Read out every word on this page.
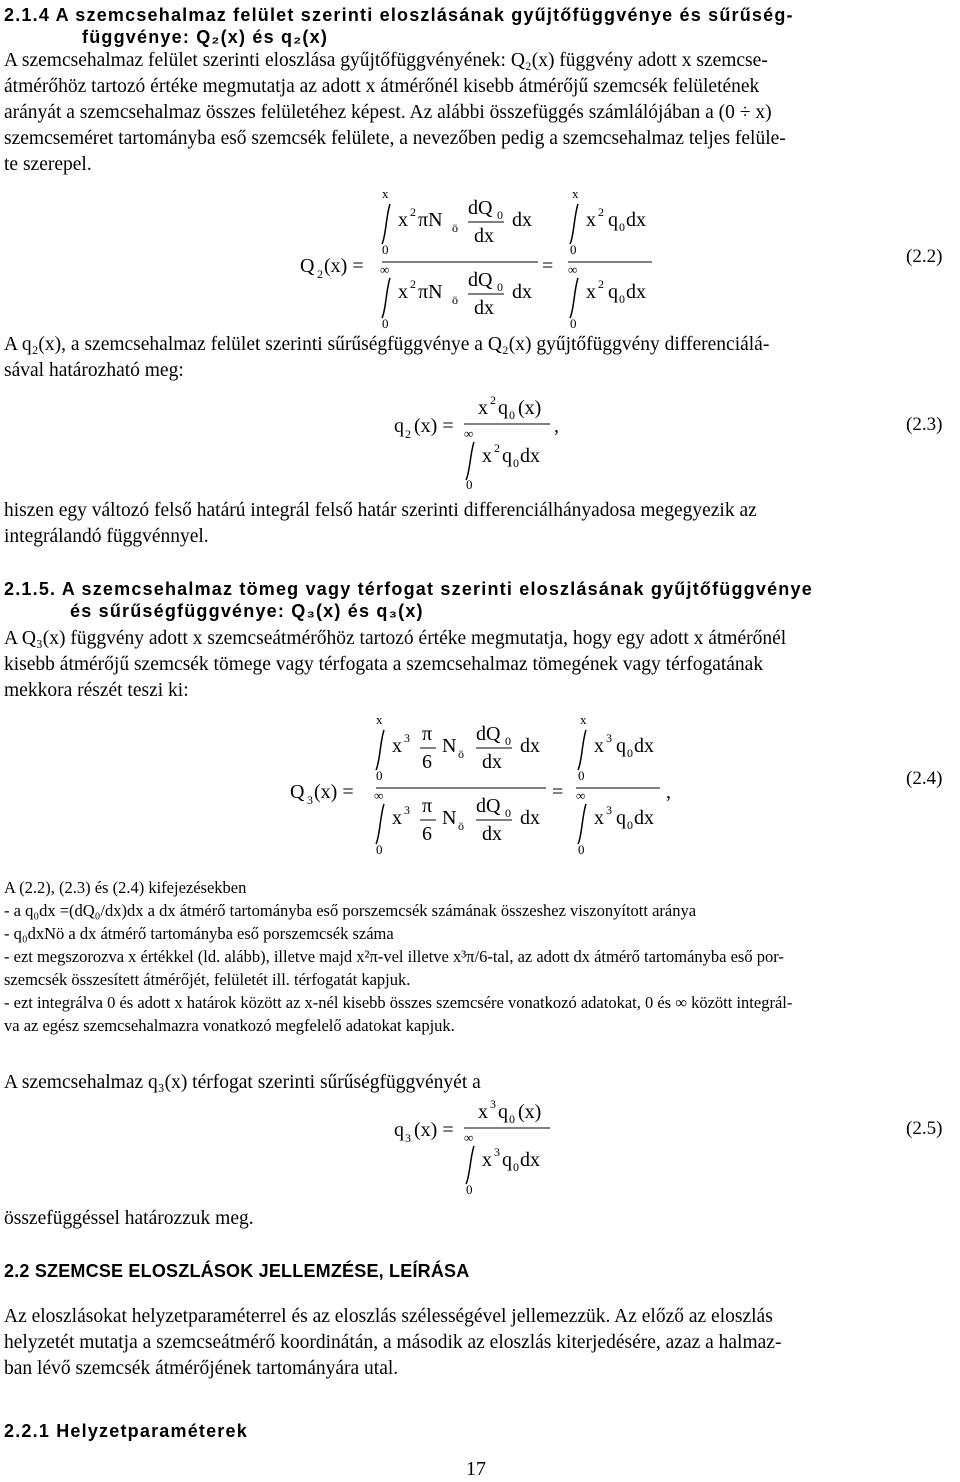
2.1.4 A szemcsehalmaz felület szerinti eloszlásának gyűjtőfüggvénye és sűrűség-
függvénye: Q₂(x) és q₂(x)
A szemcsehalmaz felület szerinti eloszlása gyűjtőfüggvényének: Q₂(x) függvény adott x szemcse-
átmérőhöz tartozó értéke megmutatja az adott x átmérőnél kisebb átmérőjű szemcsék felületének
arányát a szemcsehalmaz összes felületéhez képest. Az alábbi összefüggés számlálójában a (0 ÷ x)
szemcseméret tartományba eső szemcsék felülete, a nevezőben pedig a szemcsehalmaz teljes felüle-
te szerepel.
Q 2 (x) =
x
0
x 2 πN ö
dQ 0
dx
dx
∞
0
x 2 πN ö
dQ 0
dx
dx
=
x
0
x 2 q 0 dx
∞
0
x 2 q 0 dx
(2.2)
A q₂(x), a szemcsehalmaz felület szerinti sűrűségfüggvénye a Q₂(x) gyűjtőfüggvény differenciálá-
sával határozható meg:
q 2 (x) =
x 2 q 0 (x)
∞
0
x 2 q 0 dx
,	(2.3)
hiszen egy változó felső határú integrál felső határ szerinti differenciálhányadosa megegyezik az
integrálandó függvénnyel.
2.1.5. A szemcsehalmaz tömeg vagy térfogat szerinti eloszlásának gyűjtőfüggvénye
és sűrűségfüggvénye: Q₃(x) és q₃(x)
A Q₃(x) függvény adott x szemcseátmérőhöz tartozó értéke megmutatja, hogy egy adott x átmérőnél
kisebb átmérőjű szemcsék tömege vagy térfogata a szemcsehalmaz tömegének vagy térfogatának
mekkora részét teszi ki:
Q 3 (x) =
x
0
x 3 π
6
N ö
dQ 0
dx
dx
∞
0
x 3 π
6
N ö
dQ 0
dx
dx
=
x
0
x 3 q 0 dx
∞
0
x 3 q 0 dx
,
(2.4)
A (2.2), (2.3) és (2.4) kifejezésekben
- a q₀dx =(dQ₀/dx)dx a dx átmérő tartományba eső porszemcsék számának összeshez viszonyított aránya
- q₀dxNö a dx átmérő tartományba eső porszemcsék száma
- ezt megszorozva x értékkel (ld. alább), illetve majd x²π-vel illetve x³π/6-tal, az adott dx átmérő tartományba eső por-
szemcsék összesített átmérőjét, felületét ill. térfogatát kapjuk.
- ezt integrálva 0 és adott x határok között az x-nél kisebb összes szemcsére vonatkozó adatokat, 0 és ∞ között integrál-
va az egész szemcsehalmazra vonatkozó megfelelő adatokat kapjuk.
A szemcsehalmaz q₃(x) térfogat szerinti sűrűségfüggvényét a
q 3 (x) =
x 3 q 0 (x)
∞
0
x 3 q 0 dx
(2.5)
összefüggéssel határozzuk meg.
2.2 SZEMCSE ELOSZLÁSOK JELLEMZÉSE, LEÍRÁSA
Az eloszlásokat helyzetparaméterrel és az eloszlás szélességével jellemezzük. Az előző az eloszlás
helyzetét mutatja a szemcseátmérő koordinátán, a második az eloszlás kiterjedésére, azaz a halmaz-
ban lévő szemcsék átmérőjének tartományára utal.
2.2.1 Helyzetparaméterek
17
